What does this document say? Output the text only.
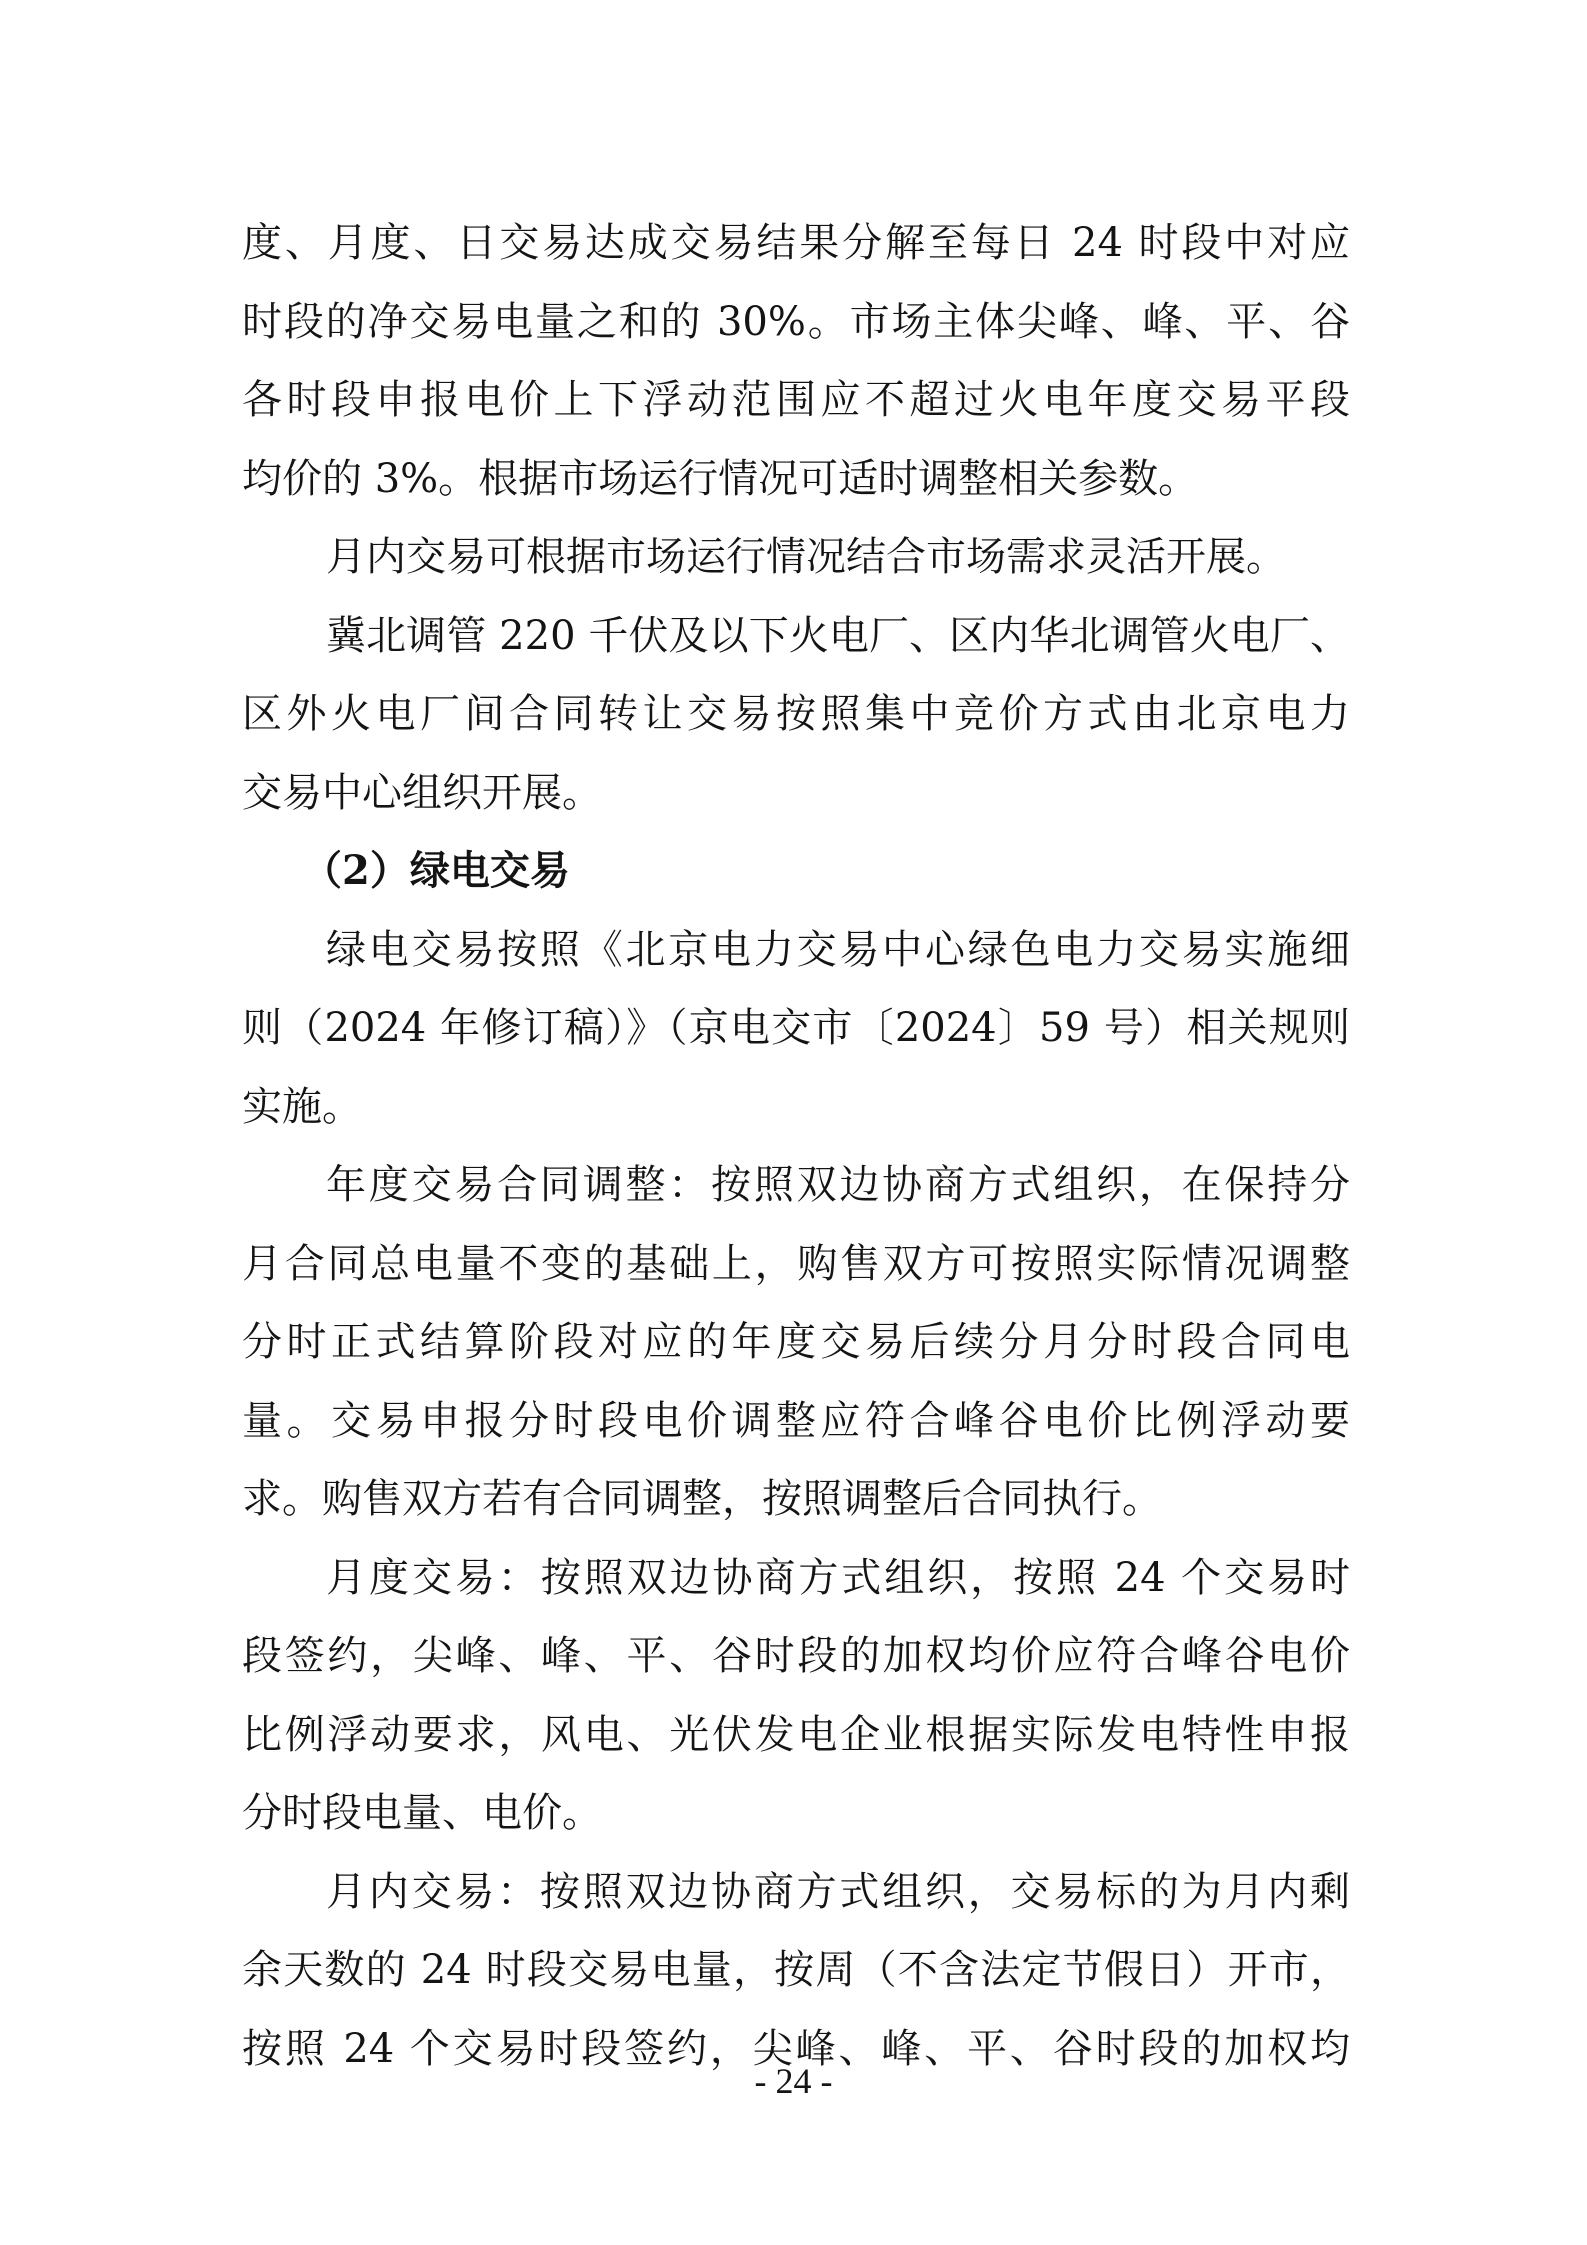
度、月度、日交易达成交易结果分解至每日 24 时段中对应
时段的净交易电量之和的 30%。市场主体尖峰、峰、平、谷
各时段申报电价上下浮动范围应不超过火电年度交易平段
均价的 3%。根据市场运行情况可适时调整相关参数。
月内交易可根据市场运行情况结合市场需求灵活开展。
冀北调管 220 千伏及以下火电厂、区内华北调管火电厂、
区外火电厂间合同转让交易按照集中竞价方式由北京电力
交易中心组织开展。
（2）绿电交易
绿电交易按照《北京电力交易中心绿色电力交易实施细
则（2024 年修订稿）》（京电交市〔2024〕59 号）相关规则
实施。
年度交易合同调整：按照双边协商方式组织，在保持分
月合同总电量不变的基础上，购售双方可按照实际情况调整
分时正式结算阶段对应的年度交易后续分月分时段合同电
量。交易申报分时段电价调整应符合峰谷电价比例浮动要
求。购售双方若有合同调整，按照调整后合同执行。
月度交易：按照双边协商方式组织，按照 24 个交易时
段签约，尖峰、峰、平、谷时段的加权均价应符合峰谷电价
比例浮动要求，风电、光伏发电企业根据实际发电特性申报
分时段电量、电价。
月内交易：按照双边协商方式组织，交易标的为月内剩
余天数的 24 时段交易电量，按周（不含法定节假日）开市，
按照 24 个交易时段签约，尖峰、峰、平、谷时段的加权均
- 24 -
